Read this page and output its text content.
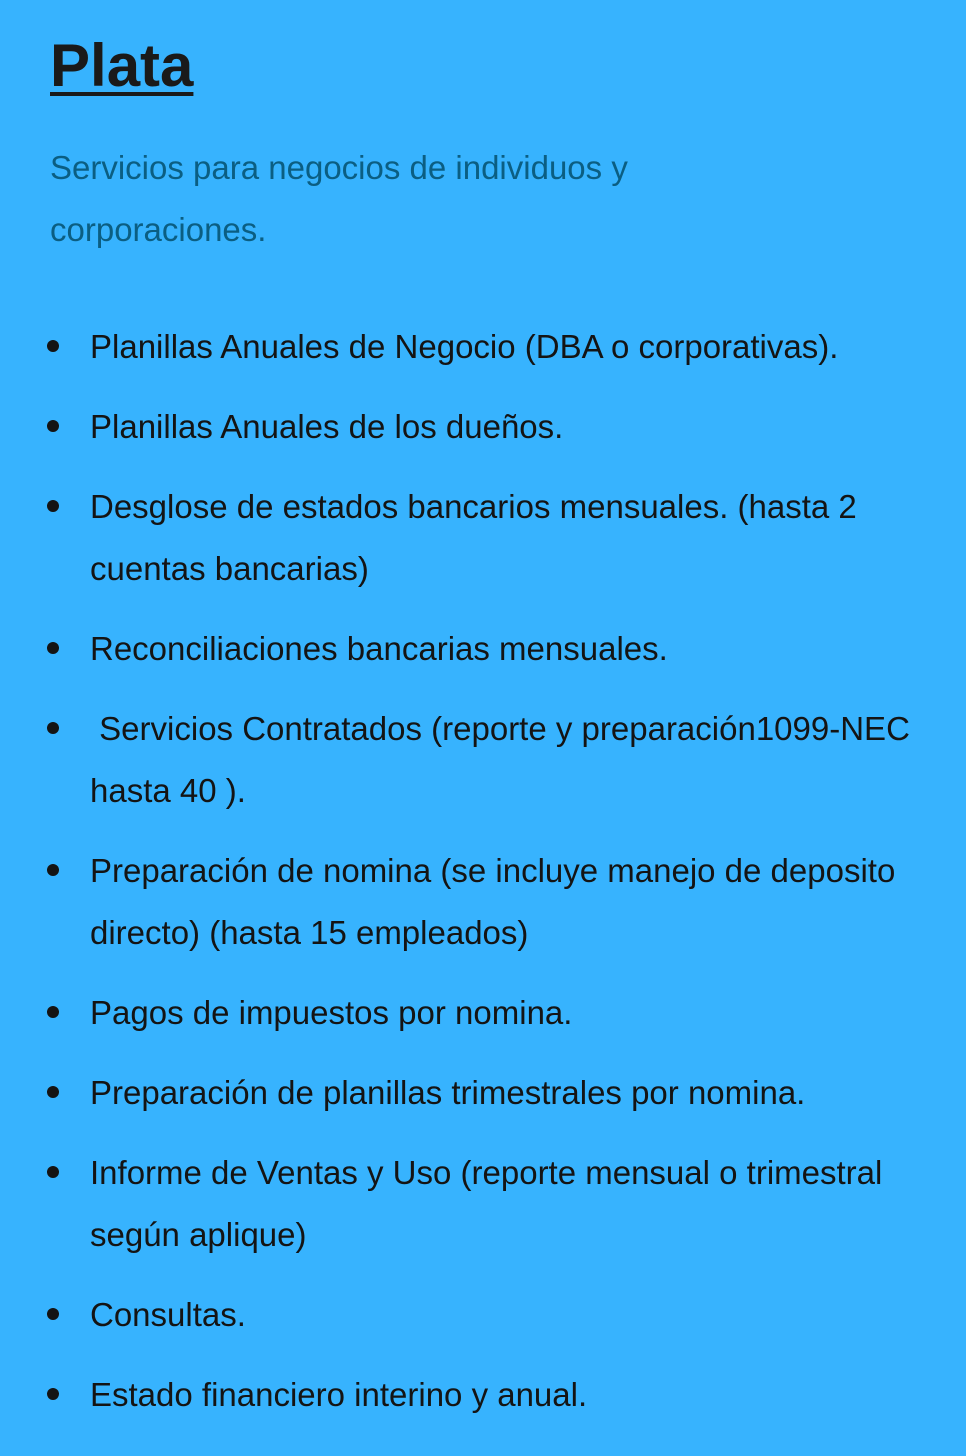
Plata

Servicios para negocios de individuos y corporaciones.

Planillas Anuales de Negocio (DBA o corporativas).
Planillas Anuales de los dueños.
Desglose de estados bancarios mensuales. (hasta 2 cuentas bancarias)
Reconciliaciones bancarias mensuales.
Servicios Contratados (reporte y preparación1099-NEC hasta 40 ).
Preparación de nomina (se incluye manejo de deposito directo) (hasta 15 empleados)
Pagos de impuestos por nomina.
Preparación de planillas trimestrales por nomina.
Informe de Ventas y Uso (reporte mensual o trimestral según aplique)
Consultas.
Estado financiero interino y anual.
